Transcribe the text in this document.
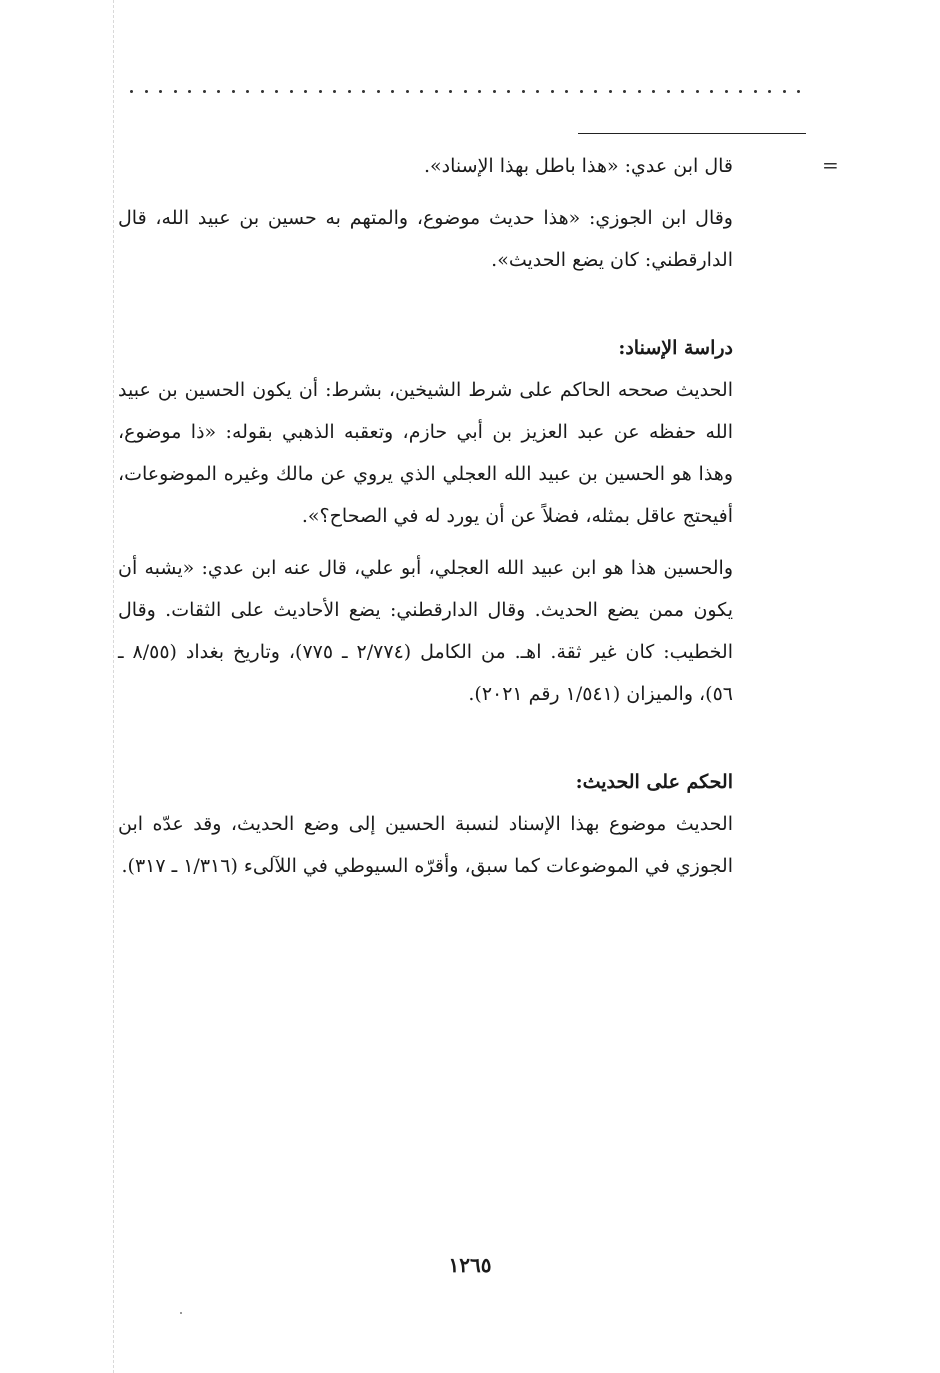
=

قال ابن عدي: «هذا باطل بهذا الإسناد».

وقال ابن الجوزي: «هذا حديث موضوع، والمتهم به حسين بن عبيد الله، قال الدارقطني: كان يضع الحديث».

دراسة الإسناد:

الحديث صححه الحاكم على شرط الشيخين، بشرط: أن يكون الحسين بن عبيد الله حفظه عن عبد العزيز بن أبي حازم، وتعقبه الذهبي بقوله: «ذا موضوع، وهذا هو الحسين بن عبيد الله العجلي الذي يروي عن مالك وغيره الموضوعات، أفيحتج عاقل بمثله، فضلاً عن أن يورد له في الصحاح؟».

والحسين هذا هو ابن عبيد الله العجلي، أبو علي، قال عنه ابن عدي: «يشبه أن يكون ممن يضع الحديث. وقال الدارقطني: يضع الأحاديث على الثقات. وقال الخطيب: كان غير ثقة. اهـ. من الكامل (٢/٧٧٤ ـ ٧٧٥)، وتاريخ بغداد (٨/٥٥ ـ ٥٦)، والميزان (١/٥٤١ رقم ٢٠٢١).

الحكم على الحديث:

الحديث موضوع بهذا الإسناد لنسبة الحسين إلى وضع الحديث، وقد عدّه ابن الجوزي في الموضوعات كما سبق، وأقرّه السيوطي في اللآلىء (١/٣١٦ ـ ٣١٧).

١٢٦٥
